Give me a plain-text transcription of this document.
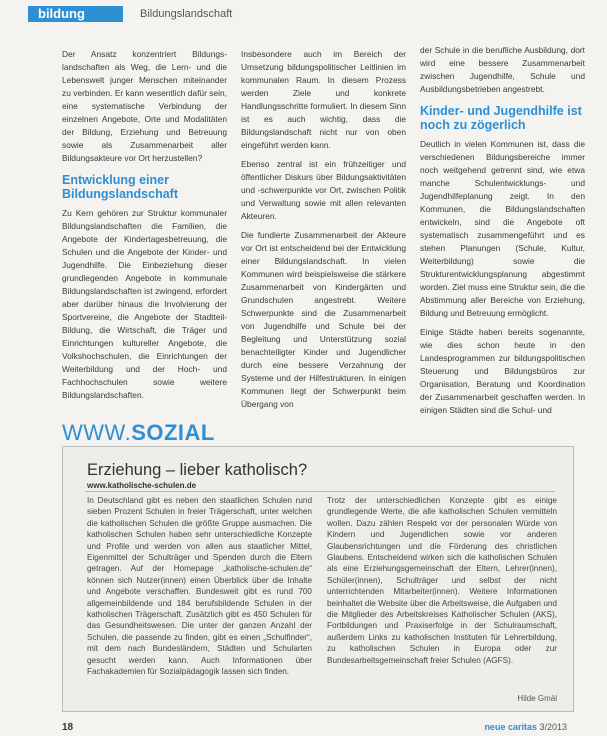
bildung	Bildungslandschaft

Der Ansatz konzentriert Bildungs- landschaften als Weg, die Lern- und die Lebenswelt junger Menschen miteinander zu verbinden. Er kann wesentlich dafür sein, eine systematische Verbindung der einzelnen Angebote, Orte und Modalitäten der Bildung, Erziehung und Betreuung sowie als Zusammenarbeit aller Bildungsakteure vor Ort herzustellen?

Entwicklung einer Bildungslandschaft

Zu Kern gehören zur Struktur kommunaler Bildungslandschaften die Familien, die Angebote der Kindertagesbetreuung, die Schulen und die Angebote der Kinder- und Jugendhilfe. Die Einbeziehung dieser grundlegenden Angebote in kommunale Bildungslandschaften ist zwingend, erfordert aber darüber hinaus die Involvierung der Sportvereine, die Angebote der Stadtteil-Bildung, die Wirtschaft, die Träger und Einrichtungen kultureller Angebote, die Volkshochschulen, die Einrichtungen der Weiterbildung und der Hoch- und Fachhochschulen sowie weitere Bildungslandschaften.

Insbesondere auch im Bereich der Umsetzung bildungspolitischer Leitlinien im kommunalen Raum. In diesem Prozess werden Ziele und konkrete Handlungsschritte formuliert. In diesem Sinn ist es auch wichtig, dass die Bildungslandschaft nicht nur von oben eingeführt werden kann.

Ebenso zentral ist ein frühzeitiger und öffentlicher Diskurs über Bildungsaktivitäten und -schwerpunkte vor Ort, zwischen Politik und Verwaltung sowie mit allen relevanten Akteuren.

Die fundierte Zusammenarbeit der Akteure vor Ort ist entscheidend bei der Entwicklung einer Bildungslandschaft. In vielen Kommunen wird beispielsweise die stärkere Zusammenarbeit von Kindergärten und Grundschulen angestrebt. Weitere Schwerpunkte sind die Zusammenarbeit von Jugendhilfe und Schule bei der Begleitung und Unterstützung sozial benachteiligter Kinder und Jugendlicher durch eine bessere Verzahnung der Systeme und der Hilfestrukturen. In einigen Kommunen liegt der Schwerpunkt beim Übergang von

der Schule in die berufliche Ausbildung, dort wird eine bessere Zusammenarbeit zwischen Jugendhilfe, Schule und Ausbildungsbetrieben angestrebt.

Kinder- und Jugendhilfe ist noch zu zögerlich

Deutlich in vielen Kommunen ist, dass die verschiedenen Bildungsbereiche immer noch weitgehend getrennt sind, wie etwa manche Schulentwicklungs- und Jugendhilfeplanung zeigt. In den Kommunen, die Bildungslandschaften entwickeln, sind die Angebote oft systematisch zusammengeführt und es stehen Planungen (Schule, Kultur, Weiterbildung) sowie die Strukturentwicklungsplanung abgestimmt worden. Ziel muss eine Struktur sein, die die Abstimmung aller Bereiche von Erziehung, Bildung und Betreuung ermöglicht.

Einige Städte haben bereits sogenannte, wie dies schon heute in den Landesprogrammen zur bildungspolitischen Steuerung und Bildungsbüros zur Organisation, Beratung und Koordination der Zusammenarbeit geschaffen werden. In einigen Städten sind die Schul- und

WWW.SOZIAL
Erziehung – lieber katholisch?
www.katholische-schulen.de
In Deutschland gibt es neben den staatlichen Schulen rund sieben Prozent Schulen in freier Trägerschaft, unter welchen die katholischen Schulen die größte Gruppe ausmachen. Die katholischen Schulen haben sehr unterschiedliche Konzepte und Profile und werden von allen aus staatlicher Mittel, Eigenmittel der Schulträger und Spenden durch die Eltern getragen. Auf der Homepage „katholische-schulen.de“ können sich Nutzer(innen) einen Überblick über die Inhalte und Angebote verschaffen. Bundesweit gibt es rund 700 allgemeinbildende und 184 berufsbildende Schulen in der katholischen Trägerschaft. Zusätzlich gibt es 450 Schulen für das Gesundheitswesen. Die unter der ganzen Anzahl der Schulen, die passende zu finden, gibt es einen „Schulfinder“, mit dem nach Bundesländern, Städten und Schularten gesucht werden kann. Auch Informationen über Fachakademien für Sozialpädagogik lassen sich finden.
Trotz der unterschiedlichen Konzepte gibt es einige grundlegende Werte, die alle katholischen Schulen vermitteln wollen. Dazu zählen Respekt vor der personalen Würde von Kindern und Jugendlichen sowie vor anderen Glaubensrichtungen und die Förderung des christlichen Glaubens. Entscheidend wirken sich die katholischen Schulen als eine Erziehungsgemeinschaft der Eltern, Lehrer(innen), Schüler(innen), Schulträger und selbst der nicht unterrichtenden Mitarbeiter(innen). Weitere Informationen beinhaltet die Website über die Arbeitsweise, die Aufgaben und die Mitglieder des Arbeitskreises Katholischer Schulen (AKS), Fortbildungen und Praxiserfolge in der Schulraumschaft, außerdem Links zu katholischen Instituten für Lehrerbildung, zu katholischen Schulen in Europa oder zur Bundesarbeitsgemeinschaft freier Schulen (AGFS).
Hilde Gmäl
18	neue caritas 3/2013
